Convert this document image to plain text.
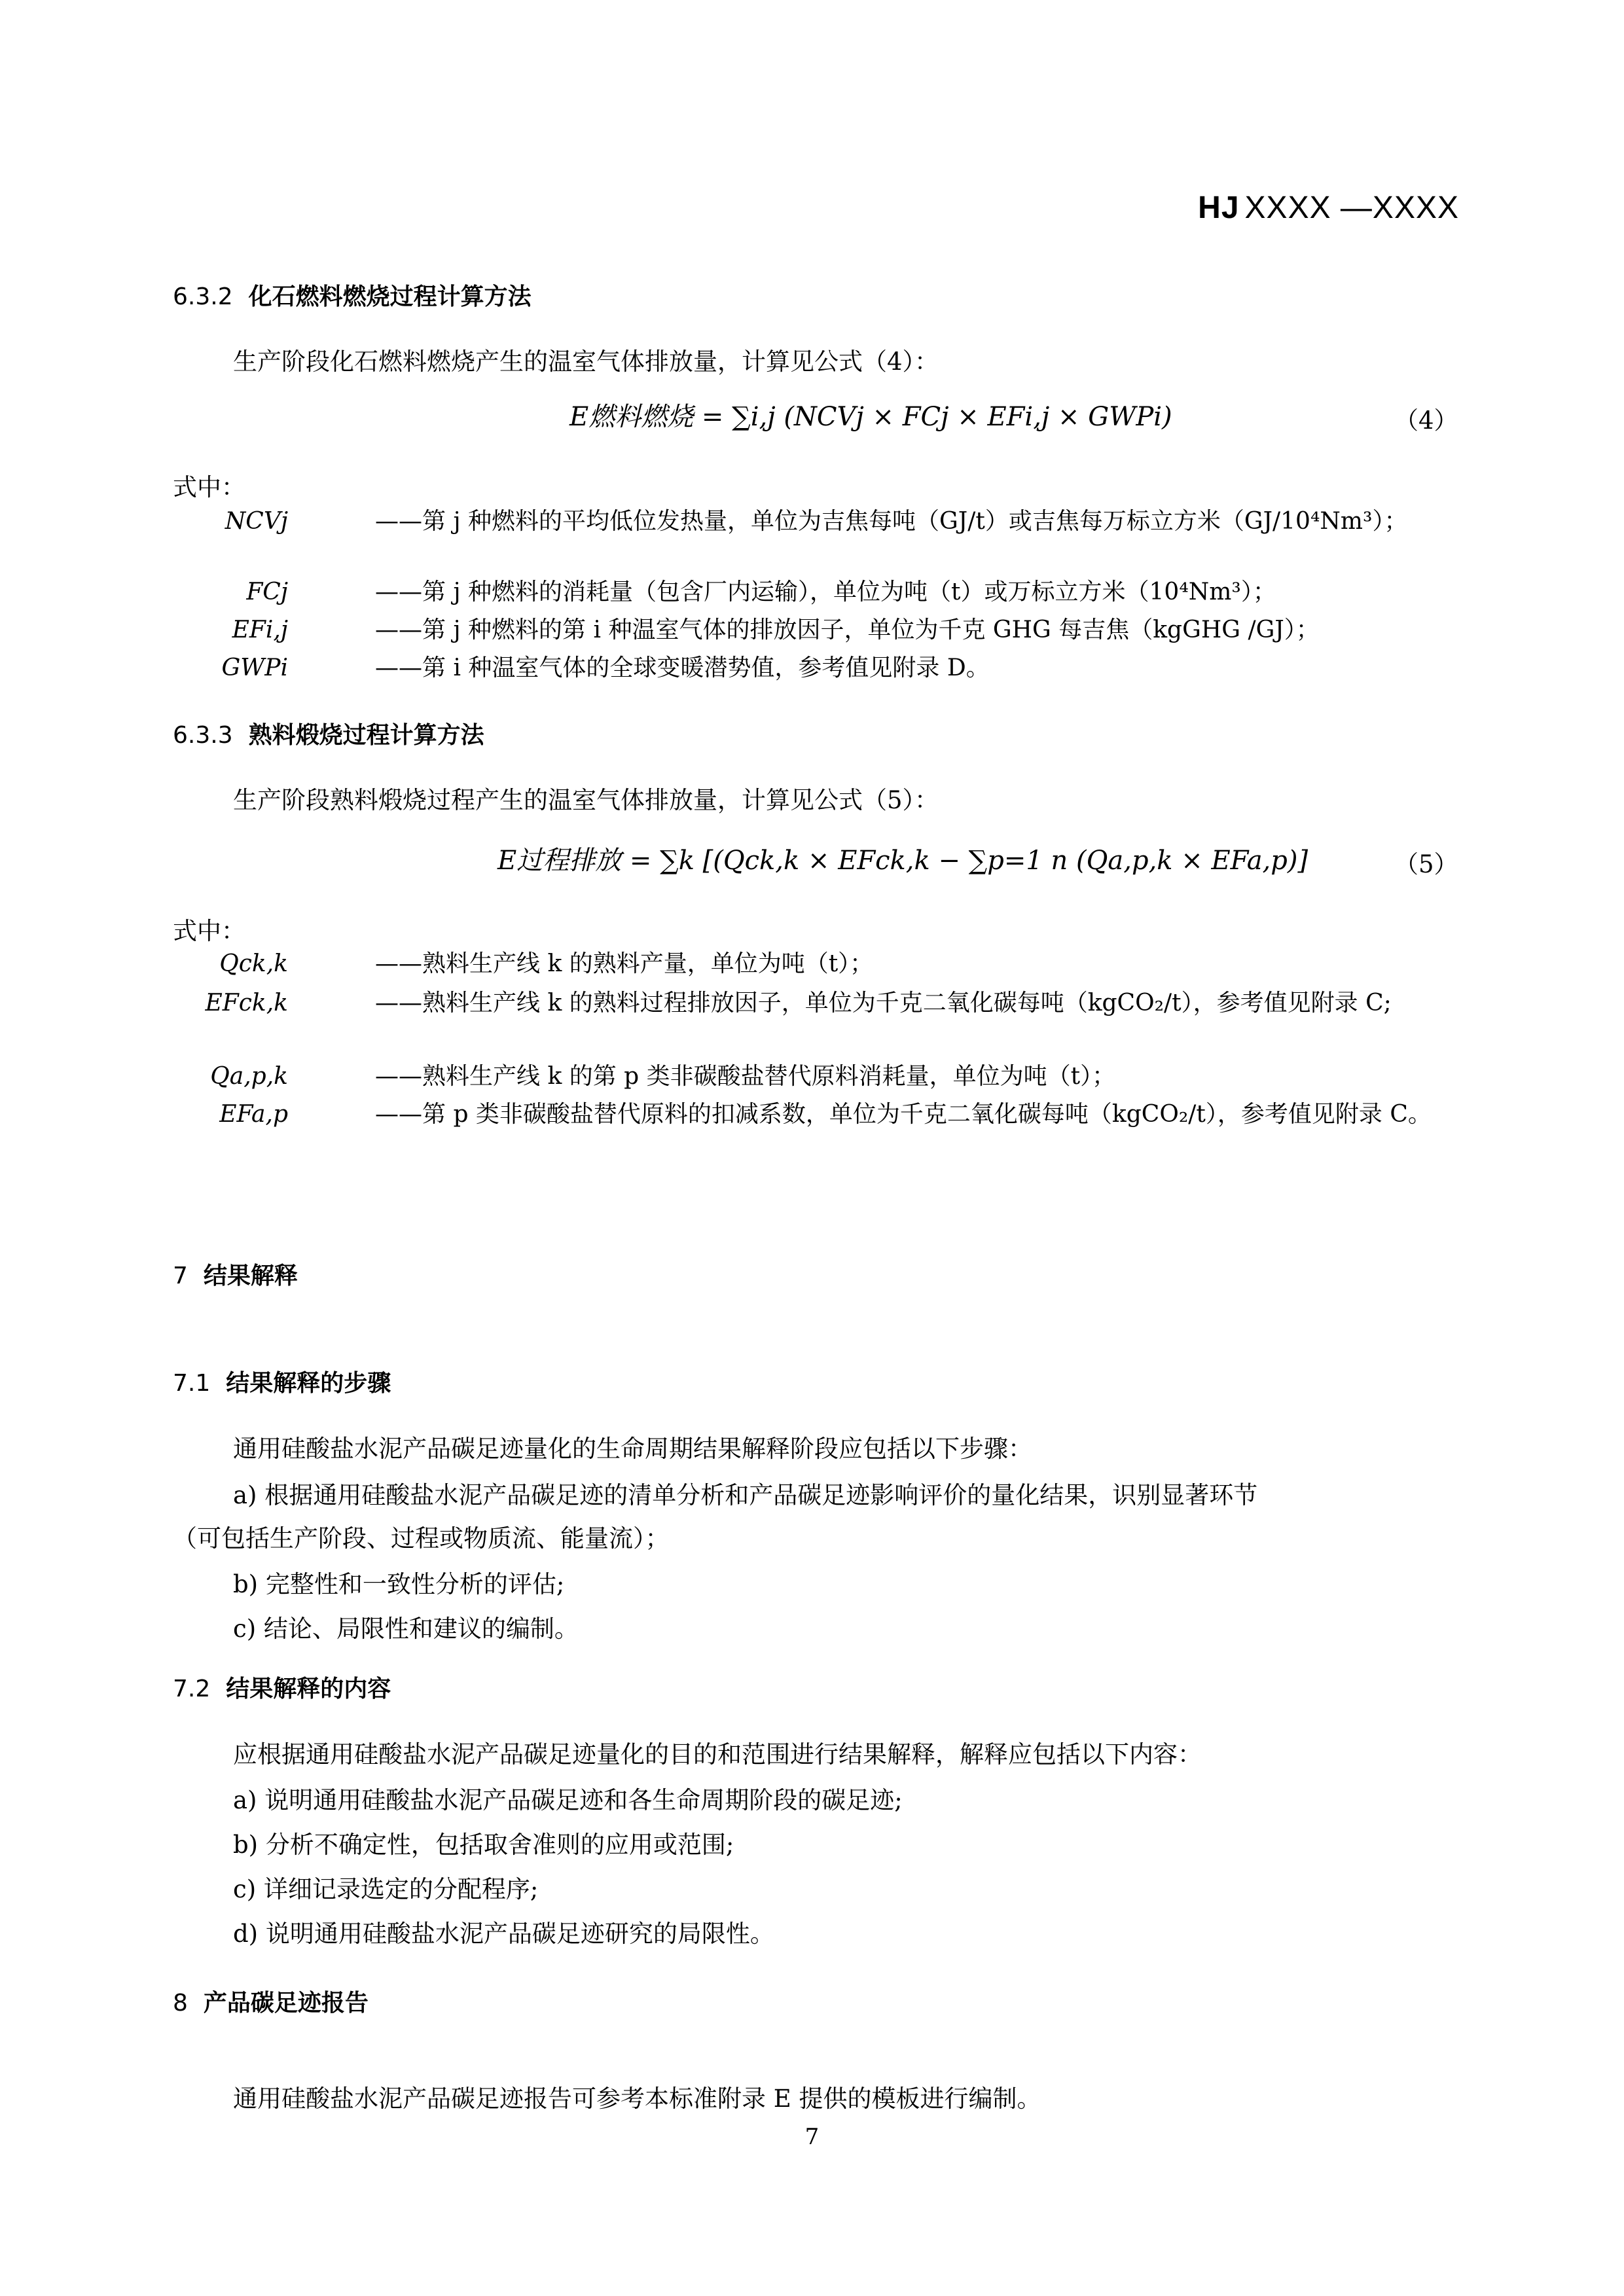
HJ XXXX —XXXX
6.3.2 化石燃料燃烧过程计算方法
生产阶段化石燃料燃烧产生的温室气体排放量，计算见公式（4）：
E燃料燃烧 = ∑i,j (NCVj × FCj × EFi,j × GWPi)	（4）
式中：
NCVj	——第 j 种燃料的平均低位发热量，单位为吉焦每吨（GJ/t）或吉焦每万标立方米（GJ/10⁴Nm³）；
FCj	——第 j 种燃料的消耗量（包含厂内运输），单位为吨（t）或万标立方米（10⁴Nm³）；
EFi,j	——第 j 种燃料的第 i 种温室气体的排放因子，单位为千克 GHG 每吉焦（kgGHG /GJ）；
GWPi	——第 i 种温室气体的全球变暖潜势值，参考值见附录 D。
6.3.3 熟料煅烧过程计算方法
生产阶段熟料煅烧过程产生的温室气体排放量，计算见公式（5）：
E过程排放 = ∑k [(Qck,k × EFck,k − ∑p=1 n (Qa,p,k × EFa,p)]	（5）
式中：
Qck,k	——熟料生产线 k 的熟料产量，单位为吨（t）；
EFck,k	——熟料生产线 k 的熟料过程排放因子，单位为千克二氧化碳每吨（kgCO₂/t），参考值见附录 C;
Qa,p,k	——熟料生产线 k 的第 p 类非碳酸盐替代原料消耗量，单位为吨（t）；
EFa,p	——第 p 类非碳酸盐替代原料的扣减系数，单位为千克二氧化碳每吨（kgCO₂/t），参考值见附录 C。
7 结果解释
7.1 结果解释的步骤
通用硅酸盐水泥产品碳足迹量化的生命周期结果解释阶段应包括以下步骤：
a) 根据通用硅酸盐水泥产品碳足迹的清单分析和产品碳足迹影响评价的量化结果，识别显著环节
（可包括生产阶段、过程或物质流、能量流）；
b) 完整性和一致性分析的评估;
c) 结论、局限性和建议的编制。
7.2 结果解释的内容
应根据通用硅酸盐水泥产品碳足迹量化的目的和范围进行结果解释，解释应包括以下内容：
a) 说明通用硅酸盐水泥产品碳足迹和各生命周期阶段的碳足迹;
b) 分析不确定性，包括取舍准则的应用或范围;
c) 详细记录选定的分配程序;
d) 说明通用硅酸盐水泥产品碳足迹研究的局限性。
8 产品碳足迹报告
通用硅酸盐水泥产品碳足迹报告可参考本标准附录 E 提供的模板进行编制。
7
